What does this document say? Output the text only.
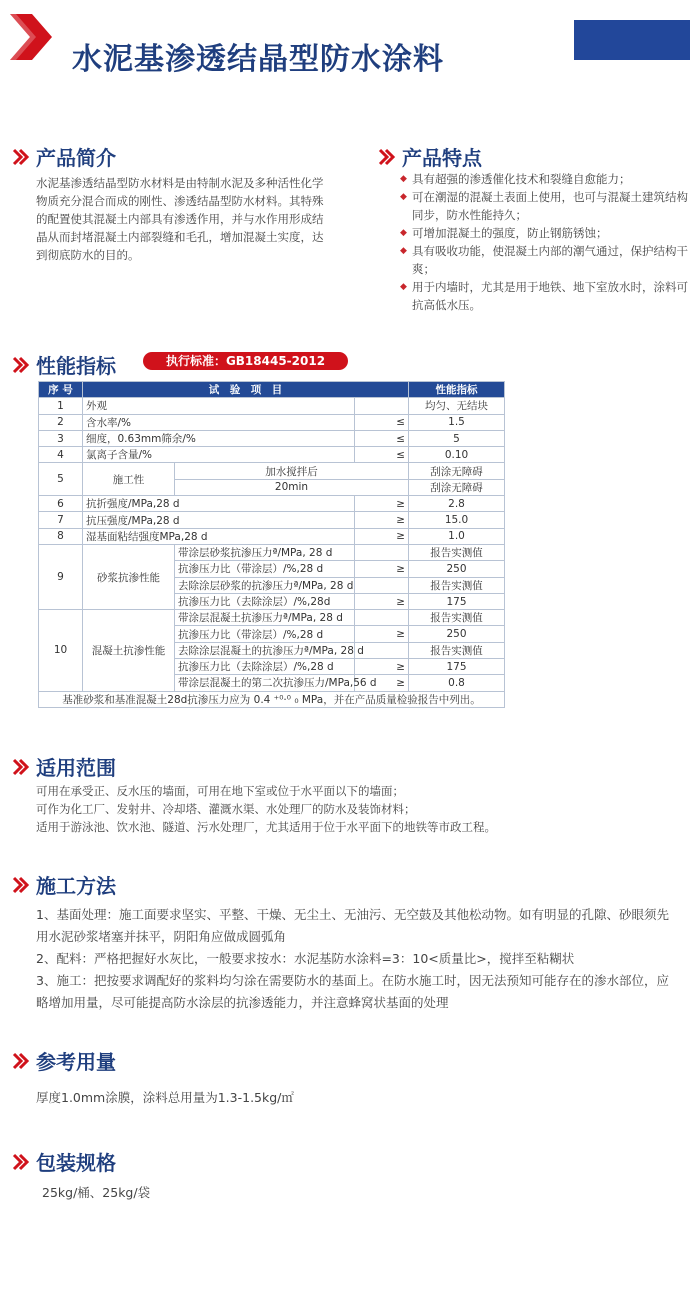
水泥基渗透结晶型防水涂料
产品简介
水泥基渗透结晶型防水材料是由特制水泥及多种活性化学物质充分混合而成的刚性、渗透结晶型防水材料。其特殊的配置使其混凝土内部具有渗透作用，并与水作用形成结晶从而封堵混凝土内部裂缝和毛孔，增加混凝土实度，达到彻底防水的目的。
产品特点
◆ 具有超强的渗透催化技术和裂缝自愈能力；
◆ 可在潮湿的混凝土表面上使用，也可与混凝土建筑结构同步，防水性能持久；
◆ 可增加混凝土的强度，防止钢筋锈蚀；
◆ 具有吸收功能，使混凝土内部的潮气通过，保护结构干爽；
◆ 用于内墙时，尤其是用于地铁、地下室放水时，涂料可抗高低水压。
性能指标	执行标准：GB18445-2012
序 号	试　验　项　目			性能指标
1	外观			均匀、无结块
2	含水率/%		≤	1.5
3	细度，0.63mm筛余/%		≤	5
4	氯离子含量/%		≤	0.10
5	施工性	加水搅拌后		刮涂无障碍
		20min		刮涂无障碍
6	抗折强度/MPa,28 d		≥	2.8
7	抗压强度/MPa,28 d		≥	15.0
8	湿基面粘结强度MPa,28 d		≥	1.0
9	砂浆抗渗性能	带涂层砂浆抗渗压力ª/MPa, 28 d		报告实测值
		抗渗压力比（带涂层）/%,28 d	≥	250
		去除涂层砂浆的抗渗压力ª/MPa, 28 d		报告实测值
		抗渗压力比（去除涂层）/%,28d	≥	175
10	混凝土抗渗性能	带涂层混凝土抗渗压力ª/MPa, 28 d		报告实测值
		抗渗压力比（带涂层）/%,28 d	≥	250
		去除涂层混凝土的抗渗压力ª/MPa, 28 d		报告实测值
		抗渗压力比（去除涂层）/%,28 d	≥	175
		带涂层混凝土的第二次抗渗压力/MPa,56 d	≥	0.8
基准砂浆和基准混凝土28d抗渗压力应为 0.4 ⁺⁰·⁰ ₀ MPa，并在产品质量检验报告中列出。				
适用范围
可用在承受正、反水压的墙面，可用在地下室或位于水平面以下的墙面；
可作为化工厂、发射井、冷却塔、灌溉水渠、水处理厂的防水及装饰材料；
适用于游泳池、饮水池、隧道、污水处理厂，尤其适用于位于水平面下的地铁等市政工程。
施工方法
1、基面处理：施工面要求坚实、平整、干燥、无尘土、无油污、无空鼓及其他松动物。如有明显的孔隙、砂眼须先用水泥砂浆堵塞并抹平，阴阳角应做成圆弧角
2、配料：严格把握好水灰比，一般要求按水：水泥基防水涂料=3：10<质量比>，搅拌至粘糊状
3、施工：把按要求调配好的浆料均匀涂在需要防水的基面上。在防水施工时，因无法预知可能存在的渗水部位，应略增加用量，尽可能提高防水涂层的抗渗透能力，并注意蜂窝状基面的处理
参考用量
厚度1.0mm涂膜，涂料总用量为1.3-1.5kg/㎡
包装规格
25kg/桶、25kg/袋
